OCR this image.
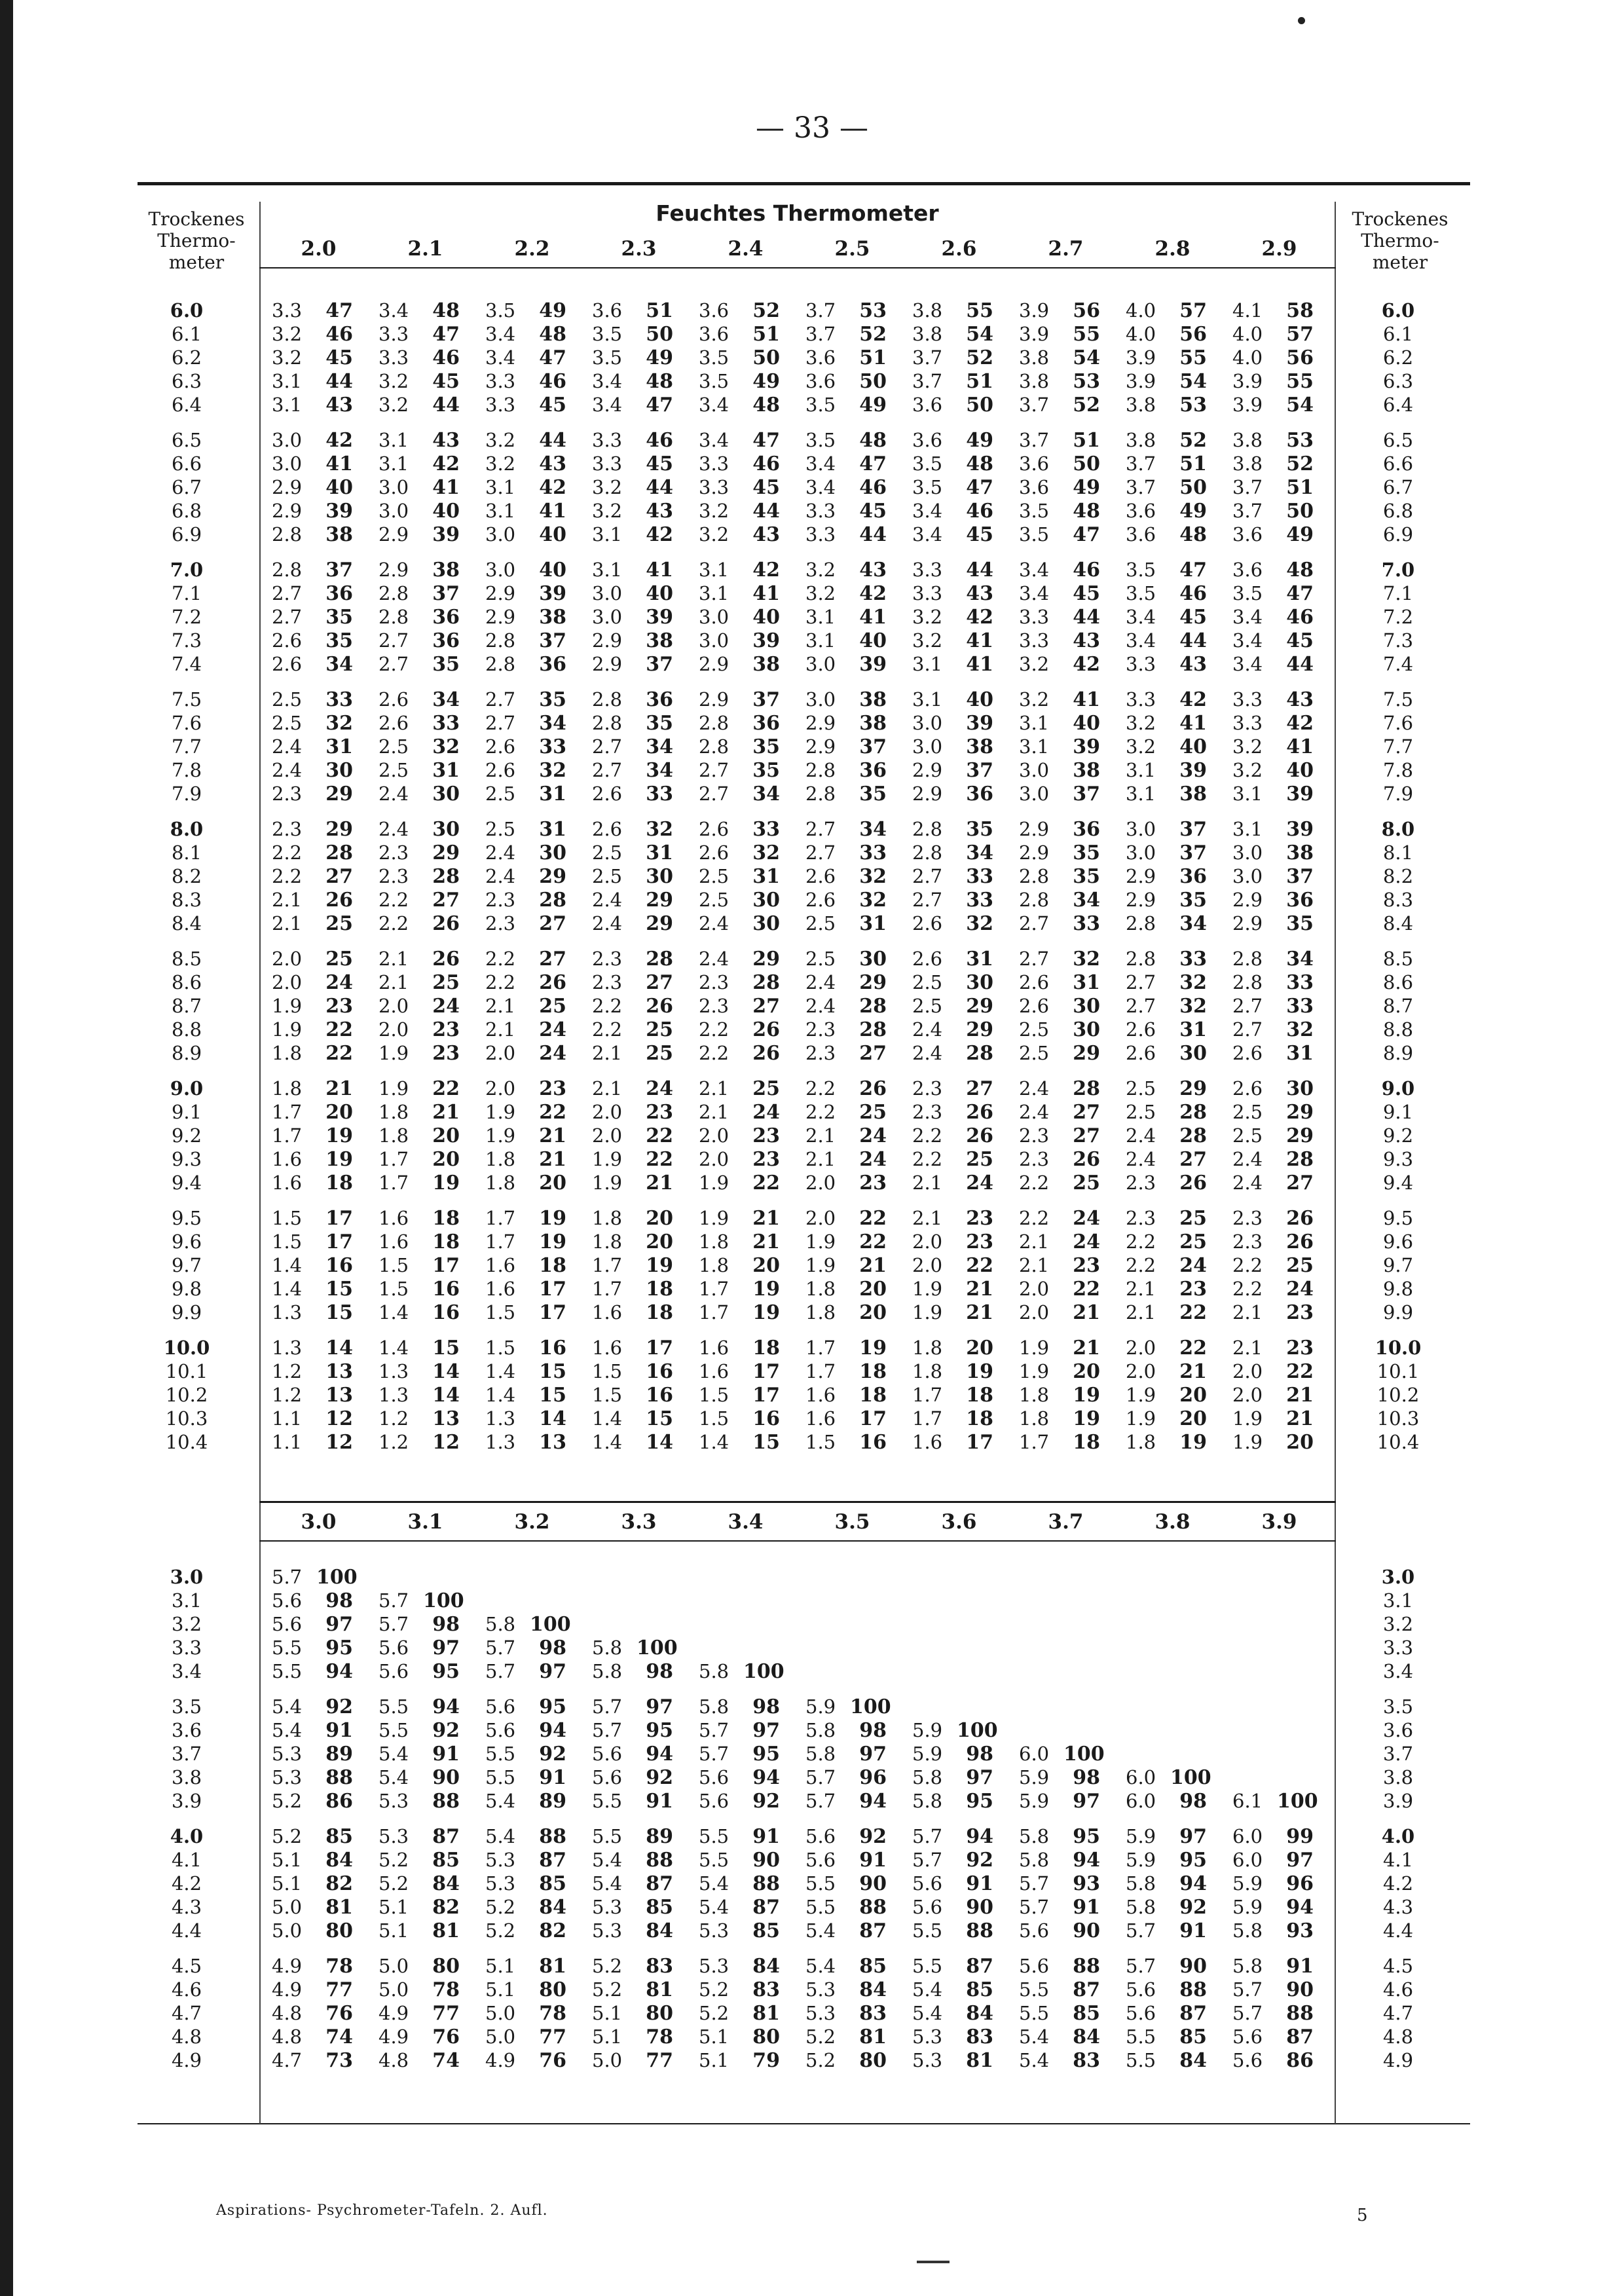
— 33 —
Trockenes
Thermo-
meter
Trockenes
Thermo-
meter
Feuchtes Thermometer
2.0	2.1	2.2	2.3	2.4	2.5	2.6	2.7	2.8	2.9
6.0	6.0
3.3 47	3.4 48	3.5 49	3.6 51	3.6 52	3.7 53	3.8 55	3.9 56	4.0 57	4.1 58
6.1	6.1
3.2 46	3.3 47	3.4 48	3.5 50	3.6 51	3.7 52	3.8 54	3.9 55	4.0 56	4.0 57
6.2	6.2
3.2 45	3.3 46	3.4 47	3.5 49	3.5 50	3.6 51	3.7 52	3.8 54	3.9 55	4.0 56
6.3	6.3
3.1 44	3.2 45	3.3 46	3.4 48	3.5 49	3.6 50	3.7 51	3.8 53	3.9 54	3.9 55
6.4	6.4
3.1 43	3.2 44	3.3 45	3.4 47	3.4 48	3.5 49	3.6 50	3.7 52	3.8 53	3.9 54
6.5	6.5
3.0 42	3.1 43	3.2 44	3.3 46	3.4 47	3.5 48	3.6 49	3.7 51	3.8 52	3.8 53
6.6	6.6
3.0 41	3.1 42	3.2 43	3.3 45	3.3 46	3.4 47	3.5 48	3.6 50	3.7 51	3.8 52
6.7	6.7
2.9 40	3.0 41	3.1 42	3.2 44	3.3 45	3.4 46	3.5 47	3.6 49	3.7 50	3.7 51
6.8	6.8
2.9 39	3.0 40	3.1 41	3.2 43	3.2 44	3.3 45	3.4 46	3.5 48	3.6 49	3.7 50
6.9	6.9
2.8 38	2.9 39	3.0 40	3.1 42	3.2 43	3.3 44	3.4 45	3.5 47	3.6 48	3.6 49
7.0	7.0
2.8 37	2.9 38	3.0 40	3.1 41	3.1 42	3.2 43	3.3 44	3.4 46	3.5 47	3.6 48
7.1	7.1
2.7 36	2.8 37	2.9 39	3.0 40	3.1 41	3.2 42	3.3 43	3.4 45	3.5 46	3.5 47
7.2	7.2
2.7 35	2.8 36	2.9 38	3.0 39	3.0 40	3.1 41	3.2 42	3.3 44	3.4 45	3.4 46
7.3	7.3
2.6 35	2.7 36	2.8 37	2.9 38	3.0 39	3.1 40	3.2 41	3.3 43	3.4 44	3.4 45
7.4	7.4
2.6 34	2.7 35	2.8 36	2.9 37	2.9 38	3.0 39	3.1 41	3.2 42	3.3 43	3.4 44
7.5	7.5
2.5 33	2.6 34	2.7 35	2.8 36	2.9 37	3.0 38	3.1 40	3.2 41	3.3 42	3.3 43
7.6	7.6
2.5 32	2.6 33	2.7 34	2.8 35	2.8 36	2.9 38	3.0 39	3.1 40	3.2 41	3.3 42
7.7	7.7
2.4 31	2.5 32	2.6 33	2.7 34	2.8 35	2.9 37	3.0 38	3.1 39	3.2 40	3.2 41
7.8	7.8
2.4 30	2.5 31	2.6 32	2.7 34	2.7 35	2.8 36	2.9 37	3.0 38	3.1 39	3.2 40
7.9	7.9
2.3 29	2.4 30	2.5 31	2.6 33	2.7 34	2.8 35	2.9 36	3.0 37	3.1 38	3.1 39
8.0	8.0
2.3 29	2.4 30	2.5 31	2.6 32	2.6 33	2.7 34	2.8 35	2.9 36	3.0 37	3.1 39
8.1	8.1
2.2 28	2.3 29	2.4 30	2.5 31	2.6 32	2.7 33	2.8 34	2.9 35	3.0 37	3.0 38
8.2	8.2
2.2 27	2.3 28	2.4 29	2.5 30	2.5 31	2.6 32	2.7 33	2.8 35	2.9 36	3.0 37
8.3	8.3
2.1 26	2.2 27	2.3 28	2.4 29	2.5 30	2.6 32	2.7 33	2.8 34	2.9 35	2.9 36
8.4	8.4
2.1 25	2.2 26	2.3 27	2.4 29	2.4 30	2.5 31	2.6 32	2.7 33	2.8 34	2.9 35
8.5	8.5
2.0 25	2.1 26	2.2 27	2.3 28	2.4 29	2.5 30	2.6 31	2.7 32	2.8 33	2.8 34
8.6	8.6
2.0 24	2.1 25	2.2 26	2.3 27	2.3 28	2.4 29	2.5 30	2.6 31	2.7 32	2.8 33
8.7	8.7
1.9 23	2.0 24	2.1 25	2.2 26	2.3 27	2.4 28	2.5 29	2.6 30	2.7 32	2.7 33
8.8	8.8
1.9 22	2.0 23	2.1 24	2.2 25	2.2 26	2.3 28	2.4 29	2.5 30	2.6 31	2.7 32
8.9	8.9
1.8 22	1.9 23	2.0 24	2.1 25	2.2 26	2.3 27	2.4 28	2.5 29	2.6 30	2.6 31
9.0	9.0
1.8 21	1.9 22	2.0 23	2.1 24	2.1 25	2.2 26	2.3 27	2.4 28	2.5 29	2.6 30
9.1	9.1
1.7 20	1.8 21	1.9 22	2.0 23	2.1 24	2.2 25	2.3 26	2.4 27	2.5 28	2.5 29
9.2	9.2
1.7 19	1.8 20	1.9 21	2.0 22	2.0 23	2.1 24	2.2 26	2.3 27	2.4 28	2.5 29
9.3	9.3
1.6 19	1.7 20	1.8 21	1.9 22	2.0 23	2.1 24	2.2 25	2.3 26	2.4 27	2.4 28
9.4	9.4
1.6 18	1.7 19	1.8 20	1.9 21	1.9 22	2.0 23	2.1 24	2.2 25	2.3 26	2.4 27
9.5	9.5
1.5 17	1.6 18	1.7 19	1.8 20	1.9 21	2.0 22	2.1 23	2.2 24	2.3 25	2.3 26
9.6	9.6
1.5 17	1.6 18	1.7 19	1.8 20	1.8 21	1.9 22	2.0 23	2.1 24	2.2 25	2.3 26
9.7	9.7
1.4 16	1.5 17	1.6 18	1.7 19	1.8 20	1.9 21	2.0 22	2.1 23	2.2 24	2.2 25
9.8	9.8
1.4 15	1.5 16	1.6 17	1.7 18	1.7 19	1.8 20	1.9 21	2.0 22	2.1 23	2.2 24
9.9	9.9
1.3 15	1.4 16	1.5 17	1.6 18	1.7 19	1.8 20	1.9 21	2.0 21	2.1 22	2.1 23
10.0	10.0
1.3 14	1.4 15	1.5 16	1.6 17	1.6 18	1.7 19	1.8 20	1.9 21	2.0 22	2.1 23
10.1	10.1
1.2 13	1.3 14	1.4 15	1.5 16	1.6 17	1.7 18	1.8 19	1.9 20	2.0 21	2.0 22
10.2	10.2
1.2 13	1.3 14	1.4 15	1.5 16	1.5 17	1.6 18	1.7 18	1.8 19	1.9 20	2.0 21
10.3	10.3
1.1 12	1.2 13	1.3 14	1.4 15	1.5 16	1.6 17	1.7 18	1.8 19	1.9 20	1.9 21
10.4	10.4
1.1 12	1.2 12	1.3 13	1.4 14	1.4 15	1.5 16	1.6 17	1.7 18	1.8 19	1.9 20
3.0	3.1	3.2	3.3	3.4	3.5	3.6	3.7	3.8	3.9
3.0	3.0
5.7 100
3.1	3.1
5.6 98	5.7 100
3.2	3.2
5.6 97	5.7 98	5.8 100
3.3	3.3
5.5 95	5.6 97	5.7 98	5.8 100
3.4	3.4
5.5 94	5.6 95	5.7 97	5.8 98	5.8 100
3.5	3.5
5.4 92	5.5 94	5.6 95	5.7 97	5.8 98	5.9 100
3.6	3.6
5.4 91	5.5 92	5.6 94	5.7 95	5.7 97	5.8 98	5.9 100
3.7	3.7
5.3 89	5.4 91	5.5 92	5.6 94	5.7 95	5.8 97	5.9 98	6.0 100
3.8	3.8
5.3 88	5.4 90	5.5 91	5.6 92	5.6 94	5.7 96	5.8 97	5.9 98	6.0 100
3.9	3.9
5.2 86	5.3 88	5.4 89	5.5 91	5.6 92	5.7 94	5.8 95	5.9 97	6.0 98	6.1 100
4.0	4.0
5.2 85	5.3 87	5.4 88	5.5 89	5.5 91	5.6 92	5.7 94	5.8 95	5.9 97	6.0 99
4.1	4.1
5.1 84	5.2 85	5.3 87	5.4 88	5.5 90	5.6 91	5.7 92	5.8 94	5.9 95	6.0 97
4.2	4.2
5.1 82	5.2 84	5.3 85	5.4 87	5.4 88	5.5 90	5.6 91	5.7 93	5.8 94	5.9 96
4.3	4.3
5.0 81	5.1 82	5.2 84	5.3 85	5.4 87	5.5 88	5.6 90	5.7 91	5.8 92	5.9 94
4.4	4.4
5.0 80	5.1 81	5.2 82	5.3 84	5.3 85	5.4 87	5.5 88	5.6 90	5.7 91	5.8 93
4.5	4.5
4.9 78	5.0 80	5.1 81	5.2 83	5.3 84	5.4 85	5.5 87	5.6 88	5.7 90	5.8 91
4.6	4.6
4.9 77	5.0 78	5.1 80	5.2 81	5.2 83	5.3 84	5.4 85	5.5 87	5.6 88	5.7 90
4.7	4.7
4.8 76	4.9 77	5.0 78	5.1 80	5.2 81	5.3 83	5.4 84	5.5 85	5.6 87	5.7 88
4.8	4.8
4.8 74	4.9 76	5.0 77	5.1 78	5.1 80	5.2 81	5.3 83	5.4 84	5.5 85	5.6 87
4.9	4.9
4.7 73	4.8 74	4.9 76	5.0 77	5.1 79	5.2 80	5.3 81	5.4 83	5.5 84	5.6 86
Aspirations- Psychrometer-Tafeln. 2. Aufl.	5
